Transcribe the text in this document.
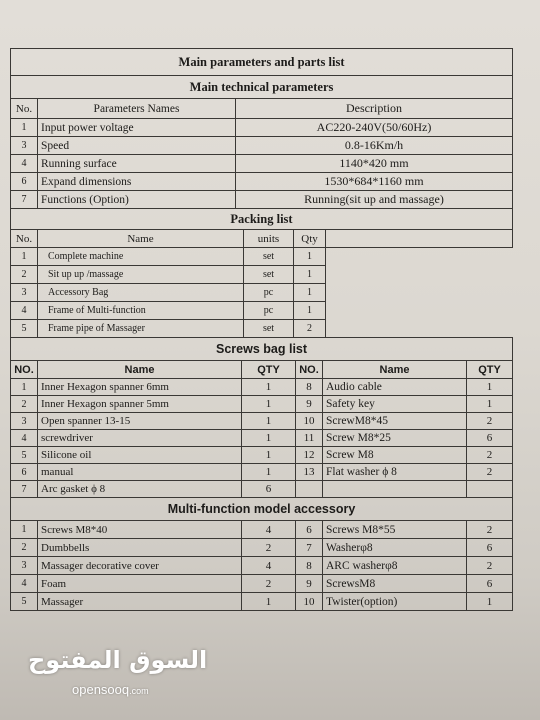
Main parameters and parts list		
Main technical parameters		
No.	Parameters Names	Description
1	Input power voltage	AC220-240V(50/60Hz)
3	Speed	0.8-16Km/h
4	Running surface	1140*420 mm
6	Expand dimensions	1530*684*1160 mm
7	Functions (Option)	Running(sit up and massage)
Packing list				
No.	Name	units	Qty	
1	Complete machine	set	1	
2	Sit up up /massage	set	1	
3	Accessory Bag	pc	1	
4	Frame of Multi-function	pc	1	
5	Frame pipe of Massager	set	2	
Screws bag list					
NO.	Name	QTY	NO.	Name	QTY
1	Inner Hexagon spanner 6mm	1	8	Audio cable	1
2	Inner Hexagon spanner 5mm	1	9	Safety key	1
3	Open spanner 13-15	1	10	ScrewM8*45	2
4	screwdriver	1	11	Screw M8*25	6
5	Silicone oil	1	12	Screw M8	2
6	manual	1	13	Flat washer ϕ 8	2
7	Arc gasket ϕ 8	6			
Multi-function model accessory					
1	Screws M8*40	4	6	Screws M8*55	2
2	Dumbbells	2	7	Washerφ8	6
3	Massager decorative cover	4	8	ARC washerφ8	2
4	Foam	2	9	ScrewsM8	6
5	Massager	1	10	Twister(option)	1
السوق المفتوح
opensooq.com
